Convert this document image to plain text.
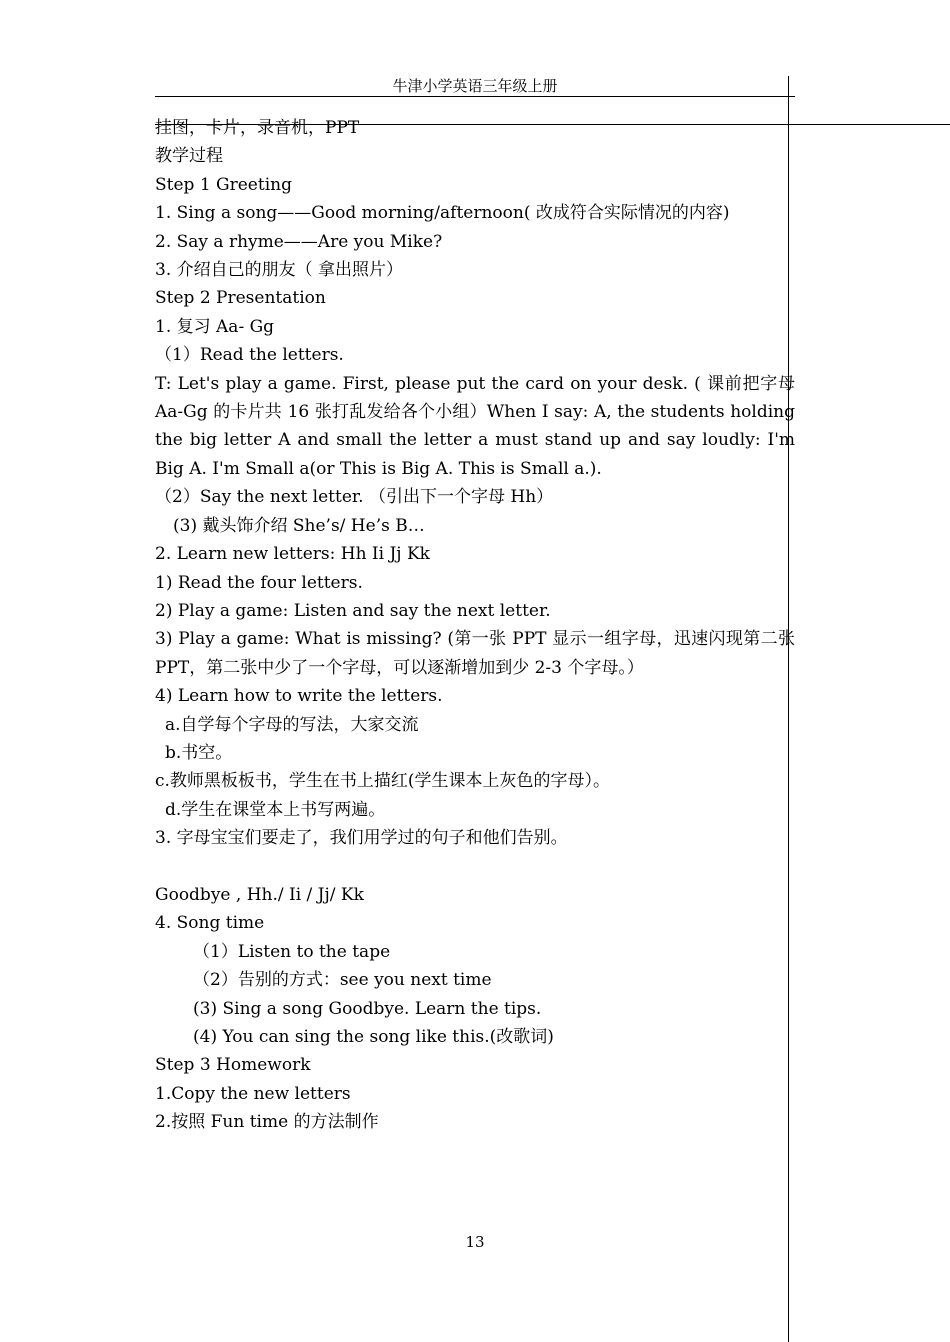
牛津小学英语三年级上册

挂图，卡片，录音机，PPT

教学过程

Step 1 Greeting

1. Sing a song——Good morning/afternoon( 改成符合实际情况的内容)

2. Say a rhyme——Are you Mike?

3. 介绍自己的朋友（ 拿出照片）

Step 2 Presentation

1. 复习 Aa- Gg

（1）Read the letters.

T: Let's play a game. First, please put the card on your desk. ( 课前把字母 Aa-Gg 的卡片共 16 张打乱发给各个小组）When I say: A, the students holding the big letter A and small the letter a must stand up and say loudly: I'm Big A. I'm Small a(or This is Big A. This is Small a.).

（2）Say the next letter. （引出下一个字母 Hh）

(3) 戴头饰介绍 She’s/ He’s B…

2. Learn new letters: Hh Ii Jj Kk

1) Read the four letters.

2) Play a game: Listen and say the next letter.

3) Play a game: What is missing? (第一张 PPT 显示一组字母，迅速闪现第二张 PPT，第二张中少了一个字母，可以逐渐增加到少 2-3 个字母。）

4) Learn how to write the letters.

a.自学每个字母的写法，大家交流

b.书空。

c.教师黑板板书，学生在书上描红(学生课本上灰色的字母）。

d.学生在课堂本上书写两遍。

3. 字母宝宝们要走了，我们用学过的句子和他们告别。

Goodbye , Hh./ Ii / Jj/ Kk

4. Song time

（1）Listen to the tape

（2）告别的方式：see you next time

(3) Sing a song Goodbye. Learn the tips.

(4) You can sing the song like this.(改歌词)

Step 3 Homework

1.Copy the new letters

2.按照 Fun time 的方法制作

13
